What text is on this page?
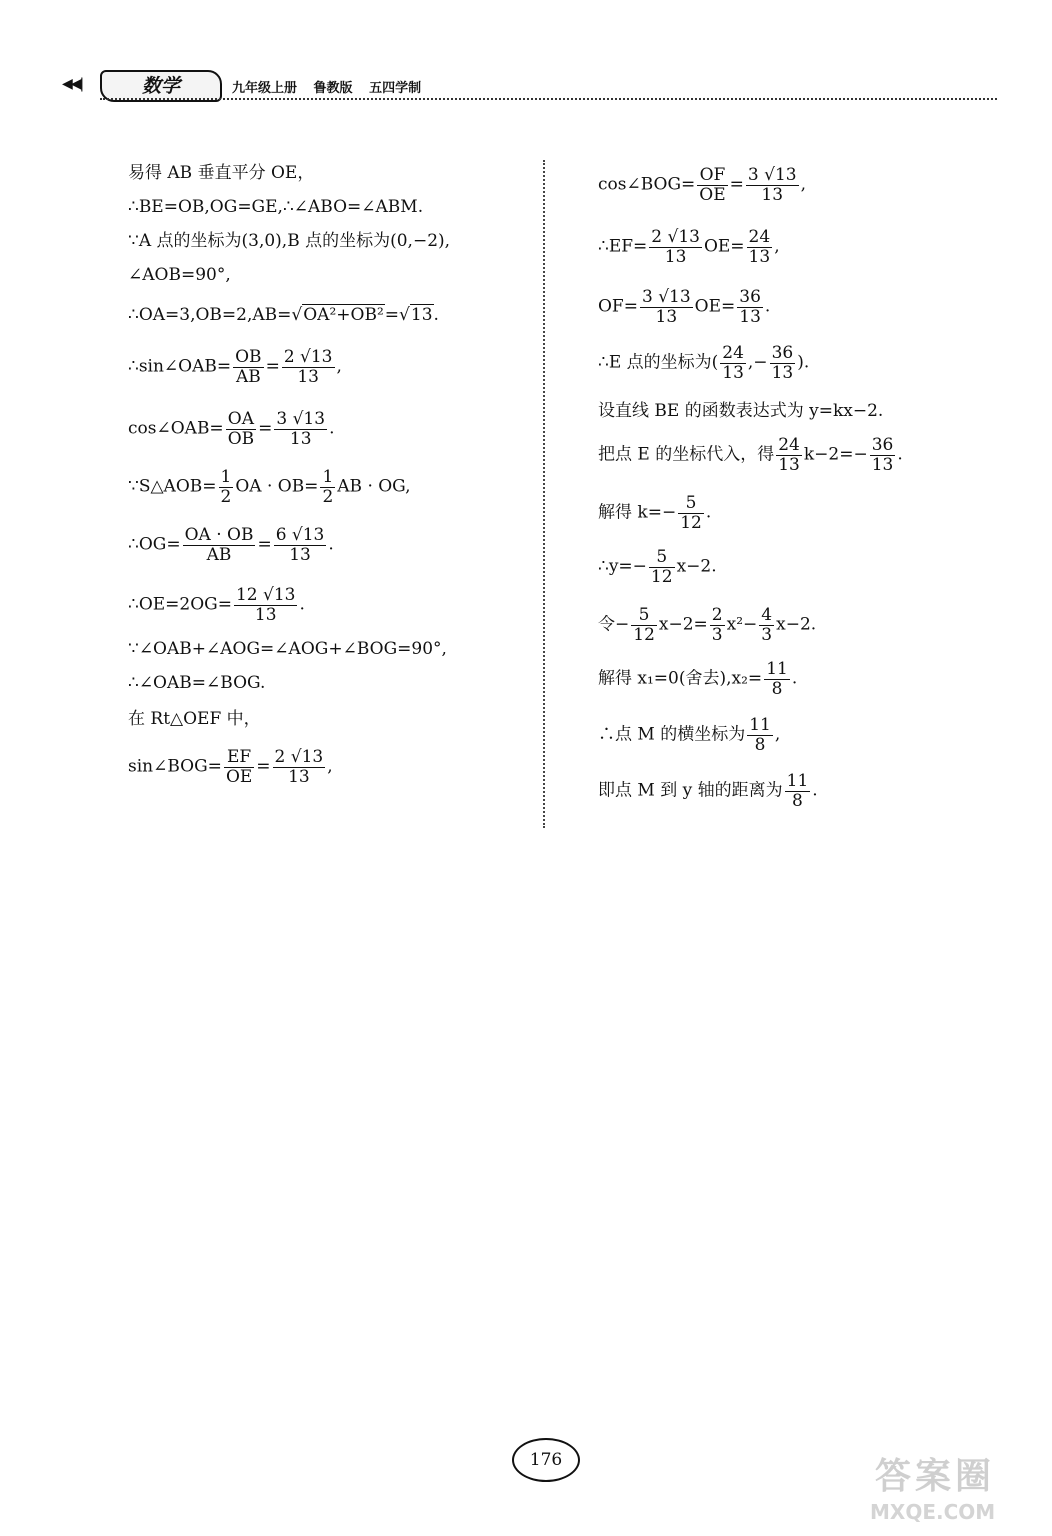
◀◀|	数学	九年级上册 鲁教版 五四学制
易得 AB 垂直平分 OE，
∴BE=OB,OG=GE,∴∠ABO=∠ABM.
∵A 点的坐标为(3,0),B 点的坐标为(0,−2),
∠AOB=90°,
∴OA=3,OB=2,AB=√OA²+OB²=√13.
∴sin∠OAB= $\frac{OB}{AB} = \frac{2 √13}{13}$ ,
cos∠OAB= $\frac{OA}{OB} = \frac{3 √13}{13}$ .
∵S△AOB= $\frac{1}{2}$ OA · $OB= \frac{1}{2}$ AB · OG,
∴OG= $\frac{OA \cdot OB}{AB} = \frac{6 √13}{13}$ .
∴OE=2OG= $\frac{12 √13}{13}$ .
∵∠OAB+∠AOG=∠AOG+∠BOG=90°,
∴∠OAB=∠BOG.
在 Rt△OEF 中，
sin∠BOG= $\frac{EF}{OE} = \frac{2 √13}{13}$ ,
cos∠BOG= $\frac{OF}{OE} = \frac{3 √13}{13}$ ,
∴EF= $\frac{2 √13}{13} OE= \frac{24}{13}$ ,
$OF= \frac{3 √13}{13} OE= \frac{36}{13}$ .
∴E 点的坐标为( $\frac{24}{13}$ ,− $\frac{36}{13}$ ).
设直线 BE 的函数表达式为 y=kx−2.
把点 E 的坐标代入，得 $\frac{24}{13} k-2=- \frac{36}{13}$ .
解得 $k=- \frac{5}{12}$ .
∴y=− $\frac{5}{12} x-2$.
令− $\frac{5}{12} x-2= \frac{2}{3} x^2- \frac{4}{3} x-2$.
解得 x₁=0(舍去)$,x_2= \frac{11}{8}$ .
∴点 M 的横坐标为 $\frac{11}{8}$ ,
即点 M 到 y 轴的距离为 $\frac{11}{8}$ .
176	答案圈
MXQE.COM
